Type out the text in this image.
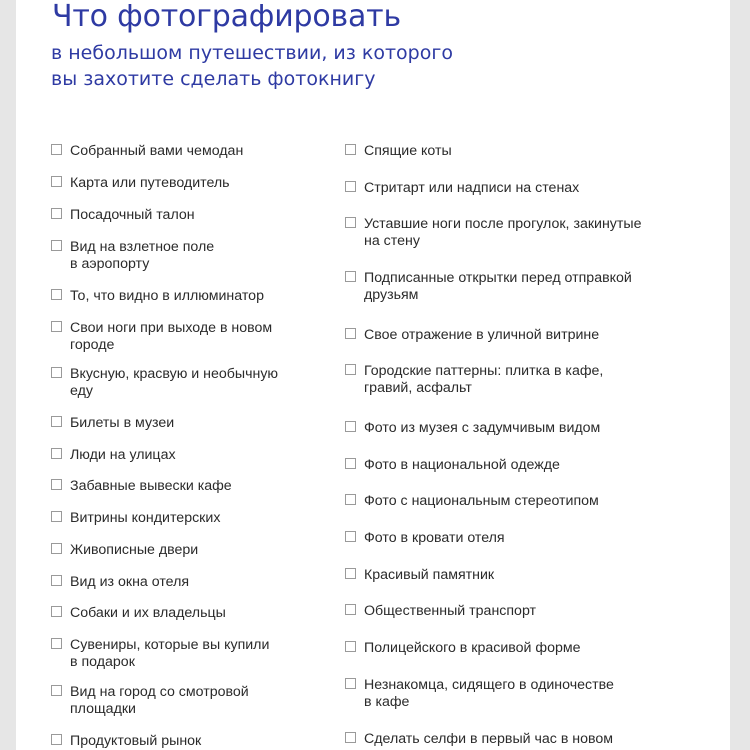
Что фотографировать
в небольшом путешествии, из которого
вы захотите сделать фотокнигу
Собранный вами чемодан
Карта или путеводитель
Посадочный талон
Вид на взлетное поле
в аэропорту
То, что видно в иллюминатор
Свои ноги при выходе в новом
городе
Вкусную, красвую и необычную
еду
Билеты в музеи
Люди на улицах
Забавные вывески кафе
Витрины кондитерских
Живописные двери
Вид из окна отеля
Собаки и их владельцы
Сувениры, которые вы купили
в подарок
Вид на город со смотровой
площадки
Продуктовый рынок
Спящие коты
Стритарт или надписи на стенах
Уставшие ноги после прогулок, закинутые
на стену
Подписанные открытки перед отправкой
друзьям
Свое отражение в уличной витрине
Городские паттерны: плитка в кафе,
гравий, асфальт
Фото из музея с задумчивым видом
Фото в национальной одежде
Фото с национальным стереотипом
Фото в кровати отеля
Красивый памятник
Общественный транспорт
Полицейского в красивой форме
Незнакомца, сидящего в одиночестве
в кафе
Сделать селфи в первый час в новом
